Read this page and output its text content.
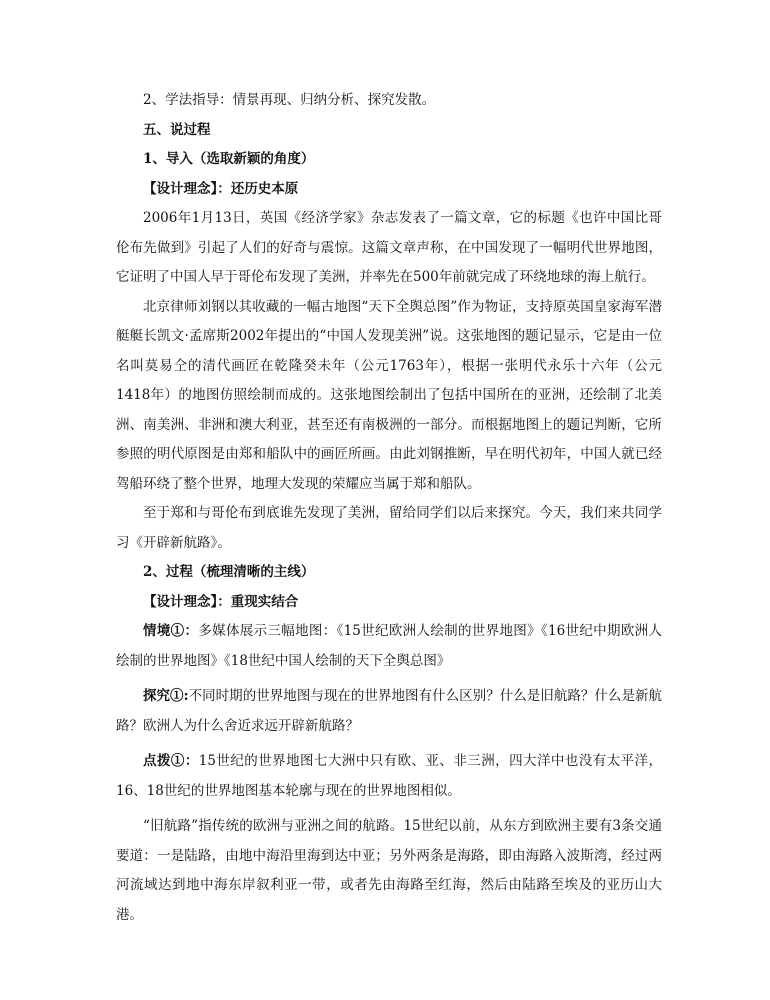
2、学法指导：情景再现、归纳分析、探究发散。

五、说过程

1、导入（选取新颖的角度）

【设计理念】：还历史本原

2006年1月13日，英国《经济学家》杂志发表了一篇文章，它的标题《也许中国比哥伦布先做到》引起了人们的好奇与震惊。这篇文章声称，在中国发现了一幅明代世界地图，它证明了中国人早于哥伦布发现了美洲，并率先在500年前就完成了环绕地球的海上航行。

北京律师刘钢以其收藏的一幅古地图“天下全舆总图”作为物证，支持原英国皇家海军潜艇艇长凯文·孟席斯2002年提出的“中国人发现美洲”说。这张地图的题记显示，它是由一位名叫莫易仝的清代画匠在乾隆癸未年（公元1763年），根据一张明代永乐十六年（公元1418年）的地图仿照绘制而成的。这张地图绘制出了包括中国所在的亚洲，还绘制了北美洲、南美洲、非洲和澳大利亚，甚至还有南极洲的一部分。而根据地图上的题记判断，它所参照的明代原图是由郑和船队中的画匠所画。由此刘钢推断，早在明代初年，中国人就已经驾船环绕了整个世界，地理大发现的荣耀应当属于郑和船队。

至于郑和与哥伦布到底谁先发现了美洲，留给同学们以后来探究。今天，我们来共同学习《开辟新航路》。

2、过程（梳理清晰的主线）

【设计理念】：重现实结合

情境①：多媒体展示三幅地图：《15世纪欧洲人绘制的世界地图》《16世纪中期欧洲人绘制的世界地图》《18世纪中国人绘制的天下全舆总图》

探究①:不同时期的世界地图与现在的世界地图有什么区别？什么是旧航路？什么是新航路？欧洲人为什么舍近求远开辟新航路？

点拨①：15世纪的世界地图七大洲中只有欧、亚、非三洲，四大洋中也没有太平洋，16、18世纪的世界地图基本轮廓与现在的世界地图相似。

“旧航路”指传统的欧洲与亚洲之间的航路。15世纪以前，从东方到欧洲主要有3条交通要道：一是陆路，由地中海沿里海到达中亚；另外两条是海路，即由海路入波斯湾，经过两河流域达到地中海东岸叙利亚一带，或者先由海路至红海，然后由陆路至埃及的亚历山大港。
